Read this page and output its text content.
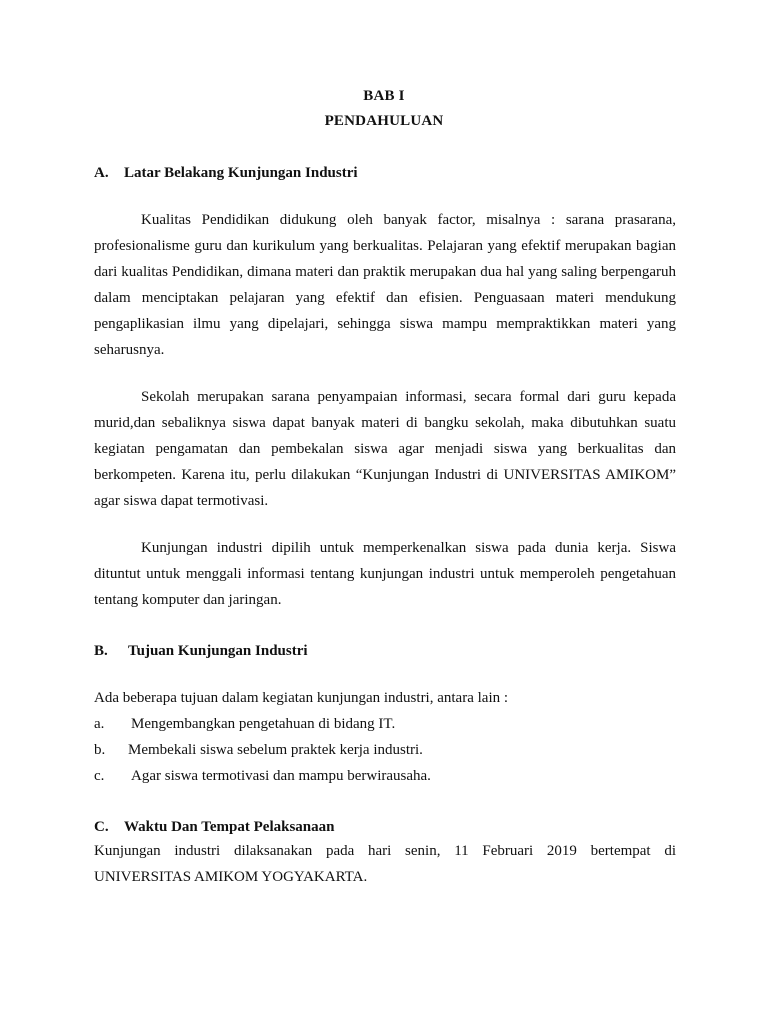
BAB I
PENDAHULUAN
A. Latar Belakang Kunjungan Industri
Kualitas Pendidikan didukung oleh banyak factor, misalnya : sarana prasarana, profesionalisme guru dan kurikulum yang berkualitas. Pelajaran yang efektif merupakan bagian dari kualitas Pendidikan, dimana materi dan praktik merupakan dua hal yang saling berpengaruh dalam menciptakan pelajaran yang efektif dan efisien. Penguasaan materi mendukung pengaplikasian ilmu yang dipelajari, sehingga siswa mampu mempraktikkan materi yang seharusnya.
Sekolah merupakan sarana penyampaian informasi, secara formal dari guru kepada murid,dan sebaliknya siswa dapat banyak materi di bangku sekolah, maka dibutuhkan suatu kegiatan pengamatan dan pembekalan siswa agar menjadi siswa yang berkualitas dan berkompeten. Karena itu, perlu dilakukan “Kunjungan Industri di UNIVERSITAS AMIKOM” agar siswa dapat termotivasi.
Kunjungan industri dipilih untuk memperkenalkan siswa pada dunia kerja. Siswa dituntut untuk menggali informasi tentang kunjungan industri untuk memperoleh pengetahuan tentang komputer dan jaringan.
B. Tujuan Kunjungan Industri
Ada beberapa tujuan dalam kegiatan kunjungan industri, antara lain :
a. Mengembangkan pengetahuan di bidang IT.
b. Membekali siswa sebelum praktek kerja industri.
c. Agar siswa termotivasi dan mampu berwirausaha.
C. Waktu Dan Tempat Pelaksanaan
Kunjungan industri dilaksanakan pada hari senin, 11 Februari 2019 bertempat di UNIVERSITAS AMIKOM YOGYAKARTA.
